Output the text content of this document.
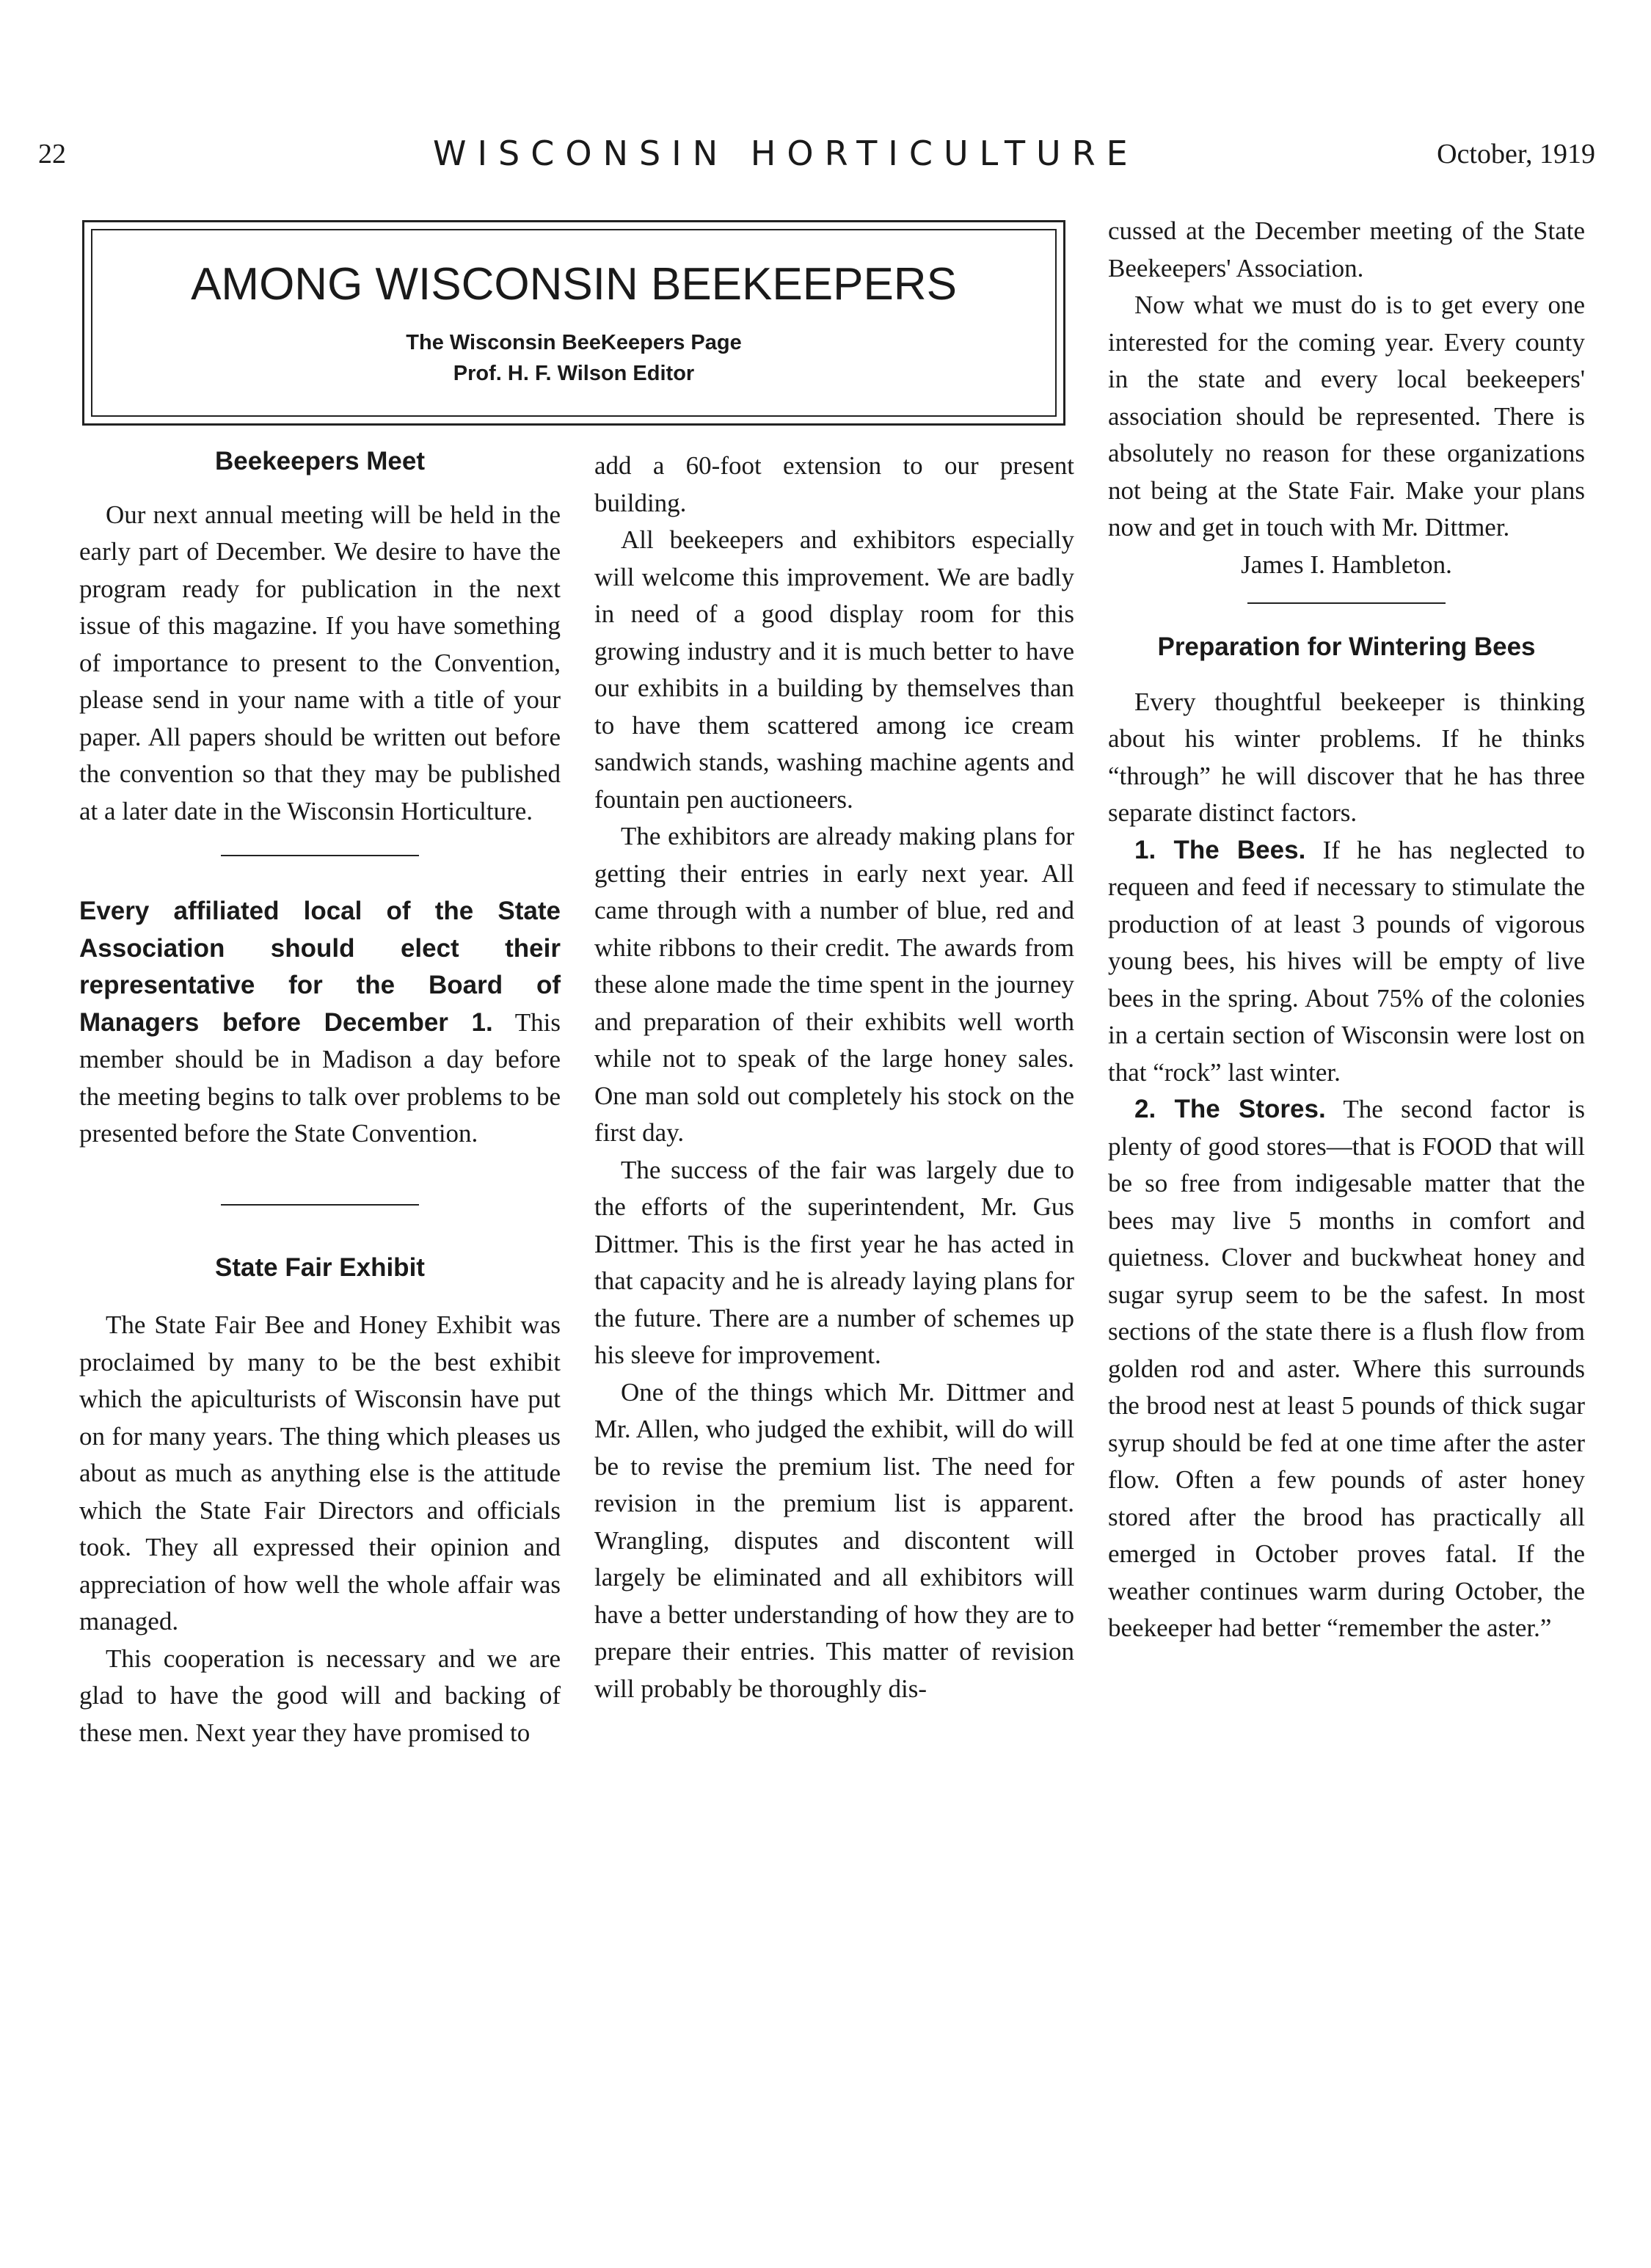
22	WISCONSIN HORTICULTURE	October, 1919
AMONG WISCONSIN BEEKEEPERS
The Wisconsin BeeKeepers Page
Prof. H. F. Wilson Editor

Beekeepers Meet

Our next annual meeting will be held in the early part of December. We desire to have the program ready for publication in the next issue of this magazine. If you have something of importance to present to the Convention, please send in your name with a title of your paper. All papers should be written out before the convention so that they may be published at a later date in the Wisconsin Horticulture.

Every affiliated local of the State Association should elect their representative for the Board of Managers before December 1. This member should be in Madison a day before the meeting begins to talk over problems to be presented before the State Convention.

State Fair Exhibit

The State Fair Bee and Honey Exhibit was proclaimed by many to be the best exhibit which the apiculturists of Wisconsin have put on for many years. The thing which pleases us about as much as anything else is the attitude which the State Fair Directors and officials took. They all expressed their opinion and appreciation of how well the whole affair was managed.

This cooperation is necessary and we are glad to have the good will and backing of these men. Next year they have promised to

add a 60-foot extension to our present building.

All beekeepers and exhibitors especially will welcome this improvement. We are badly in need of a good display room for this growing industry and it is much better to have our exhibits in a building by themselves than to have them scattered among ice cream sandwich stands, washing machine agents and fountain pen auctioneers.

The exhibitors are already making plans for getting their entries in early next year. All came through with a number of blue, red and white ribbons to their credit. The awards from these alone made the time spent in the journey and preparation of their exhibits well worth while not to speak of the large honey sales. One man sold out completely his stock on the first day.

The success of the fair was largely due to the efforts of the superintendent, Mr. Gus Dittmer. This is the first year he has acted in that capacity and he is already laying plans for the future. There are a number of schemes up his sleeve for improvement.

One of the things which Mr. Dittmer and Mr. Allen, who judged the exhibit, will do will be to revise the premium list. The need for revision in the premium list is apparent. Wrangling, disputes and discontent will largely be eliminated and all exhibitors will have a better understanding of how they are to prepare their entries. This matter of revision will probably be thoroughly dis-

cussed at the December meeting of the State Beekeepers' Association.

Now what we must do is to get every one interested for the coming year. Every county in the state and every local beekeepers' association should be represented. There is absolutely no reason for these organizations not being at the State Fair. Make your plans now and get in touch with Mr. Dittmer.

James I. Hambleton.

Preparation for Wintering Bees

Every thoughtful beekeeper is thinking about his winter problems. If he thinks “through” he will discover that he has three separate distinct factors.

1. The Bees. If he has neglected to requeen and feed if necessary to stimulate the production of at least 3 pounds of vigorous young bees, his hives will be empty of live bees in the spring. About 75% of the colonies in a certain section of Wisconsin were lost on that “rock” last winter.

2. The Stores. The second factor is plenty of good stores—that is FOOD that will be so free from indigesable matter that the bees may live 5 months in comfort and quietness. Clover and buckwheat honey and sugar syrup seem to be the safest. In most sections of the state there is a flush flow from golden rod and aster. Where this surrounds the brood nest at least 5 pounds of thick sugar syrup should be fed at one time after the aster flow. Often a few pounds of aster honey stored after the brood has practically all emerged in October proves fatal. If the weather continues warm during October, the beekeeper had better “remember the aster.”
